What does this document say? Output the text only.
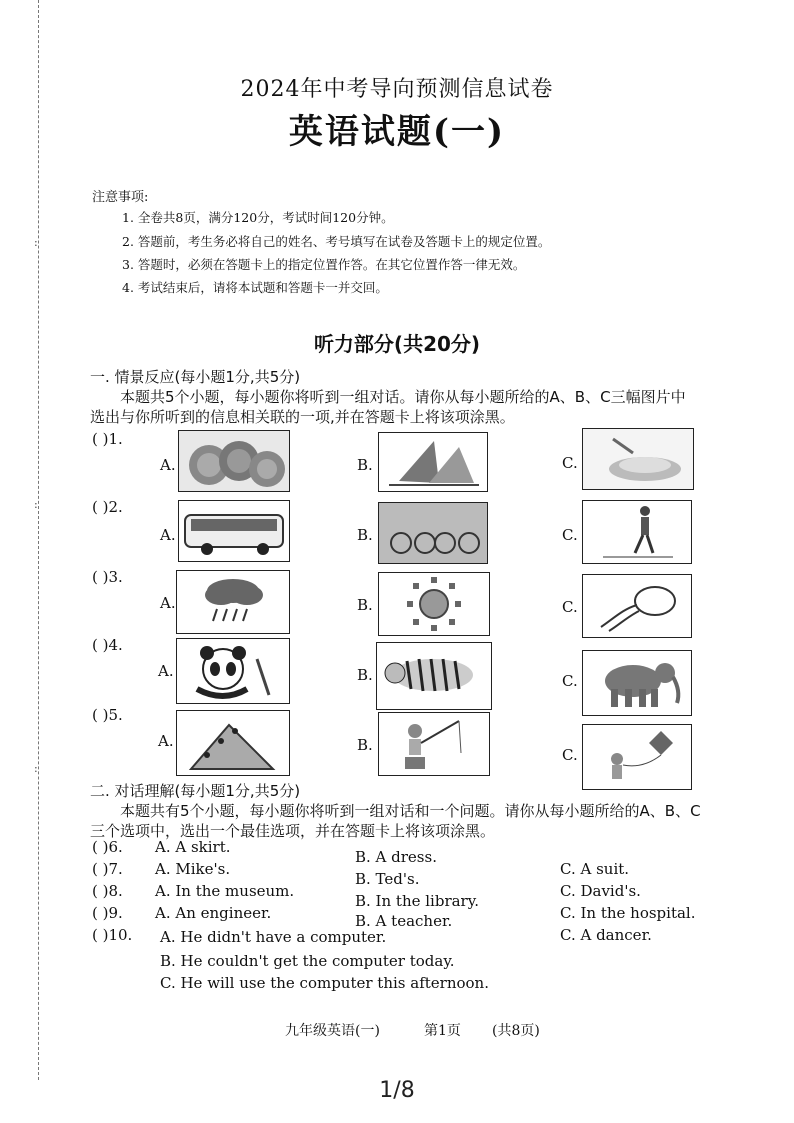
:
:
:
2024年中考导向预测信息试卷
英语试题(一)
注意事项:
1. 全卷共8页，满分120分，考试时间120分钟。
2. 答题前，考生务必将自己的姓名、考号填写在试卷及答题卡上的规定位置。
3. 答题时，必须在答题卡上的指定位置作答。在其它位置作答一律无效。
4. 考试结束后，请将本试题和答题卡一并交回。
听力部分(共20分)
一. 情景反应(每小题1分,共5分)
本题共5个小题，每小题你将听到一组对话。请你从每小题所给的A、B、C三幅图片中
选出与你所听到的信息相关联的一项,并在答题卡上将该项涂黑。
( )1.
A.	B.	C.
( )2.
A.	B.	C.
( )3.
A.	B.	C.
( )4.
A.	B.	C.
( )5.
A.	B.
C.
二. 对话理解(每小题1分,共5分)
本题共有5个小题，每小题你将听到一组对话和一个问题。请你从每小题所给的A、B、C
三个选项中，选出一个最佳选项，并在答题卡上将该项涂黑。
( )6. A. A skirt.
B. A dress.
C. A suit.
( )7. A. Mike's.
B. Ted's.
C. David's.
( )8. A. In the museum.
B. In the library.
C. In the hospital.
( )9. A. An engineer.	B. A teacher.
C. A dancer.
( )10. A. He didn't have a computer.
B. He couldn't get the computer today.
C. He will use the computer this afternoon.
九年级英语(一)	第1页 (共8页)
1/8
